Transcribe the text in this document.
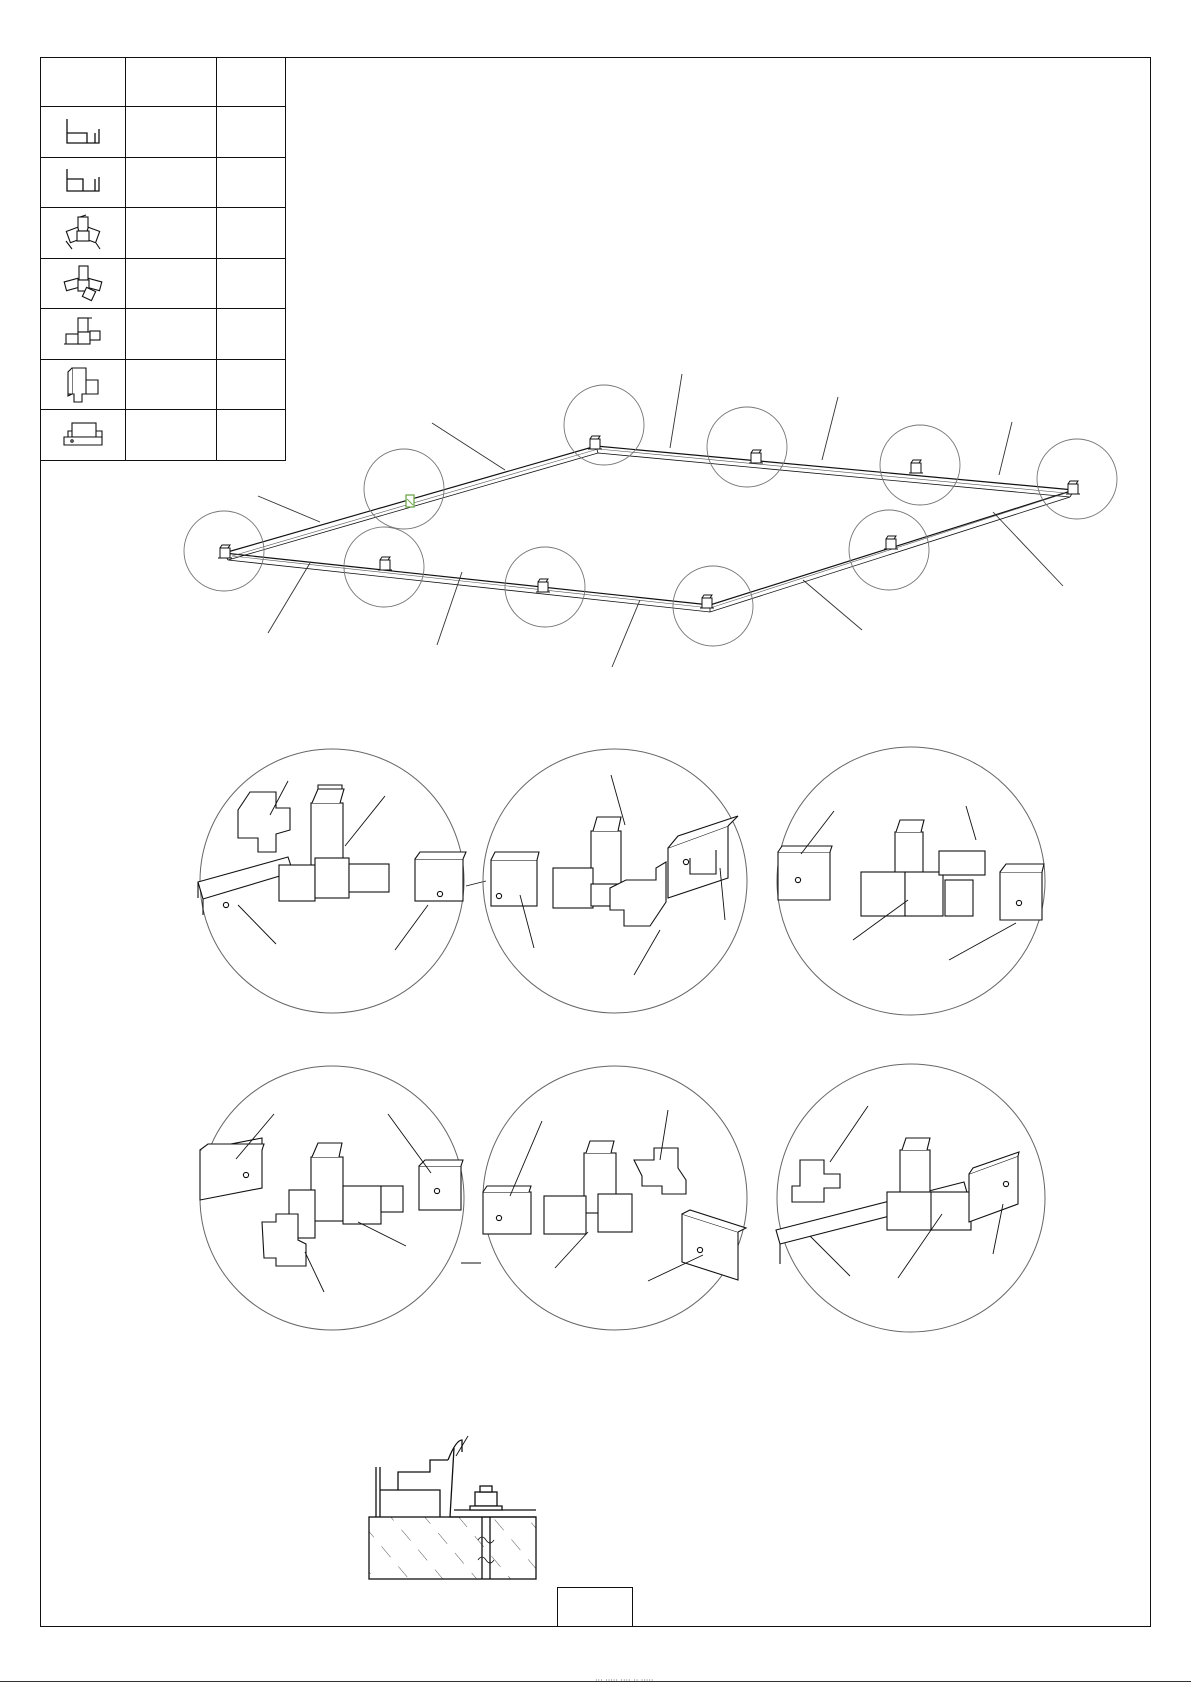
··· ····· ···· ·· ·····
